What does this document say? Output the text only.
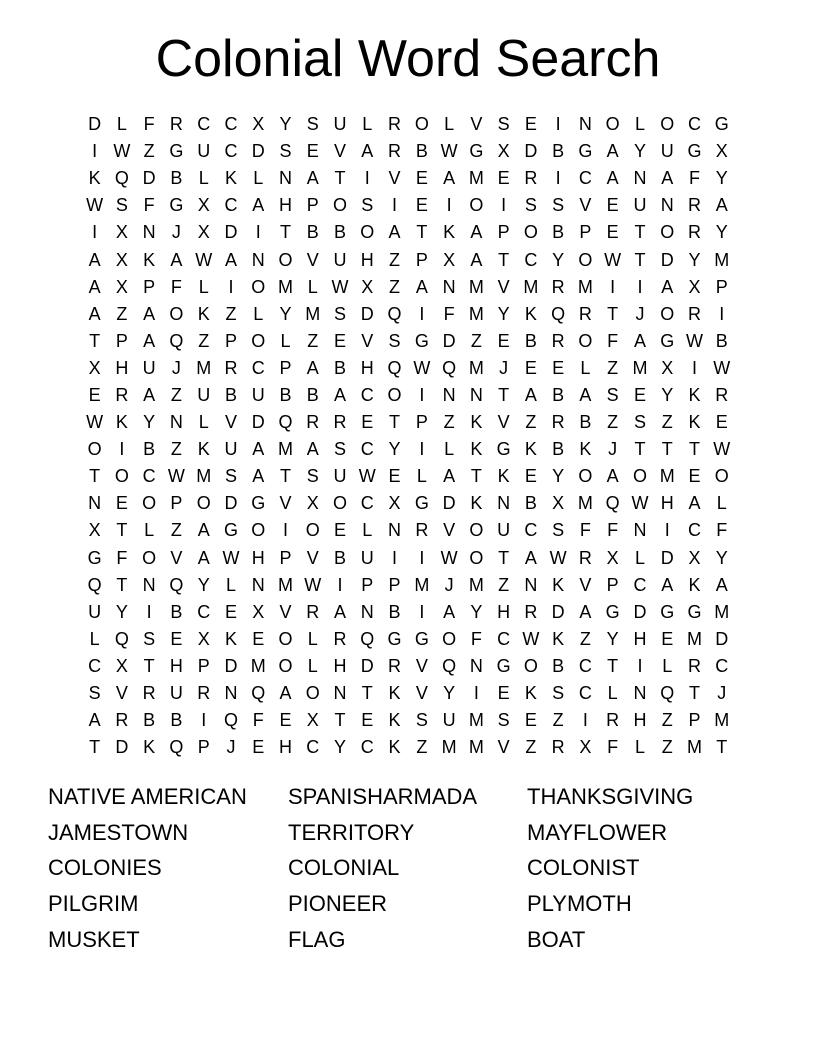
Colonial Word Search
D L F R C C X Y S U L R O L V S E	I	N O L O C G
I W Z G U C D S E V A R B W G X D B G A Y U G X
K Q D B L K L N A T	I	V E A M E R	I	C A N A F Y
W S F G X C A H P O S	I	E	I O I	S S V E U N R A
I	X N J X D	I	T B B O A T K A P O B P E T O R Y
A X K A W A N O V U H Z P X A T C Y O W T D Y M
A X P F L	I O M L W X Z A N M V M R M I	I	A X P
A Z A O K Z L Y M S D Q I	F M Y K Q R T J O R	I
T P A Q Z P O L Z E V S G D Z E B R O F A G W B
X H U J M R C P A B H Q W Q M J E E L Z M X	I W
E R A Z U B U B B A C O I	N N T A B A S E Y K R
W K Y N L V D Q R R E T P Z K V Z R B Z S Z K E
O I	B Z K U A M A S C Y	I	L K G K B K J T T T W
T O C W M S A T S U W E L A T K E Y O A O M E O
N E O P O D G V X O C X G D K N B X M Q W H A L
X T L Z A G O I O E L N R V O U C S F F N	I	C F
G F O V A W H P V B U	I	I W O T A W R X L D X Y
Q T N Q Y L N M W I	P P M J M Z N K V P C A K A
U Y	I	B C E X V R A N B	I	A Y H R D A G D G G M
L Q S E X K E O L R Q G G O F C W K Z Y H E M D
C X T H P D M O L H D R V Q N G O B C T	I	L R C
S V R U R N Q A O N T K V Y	I	E K S C L N Q T J
A R B B	I Q F E X T E K S U M S E Z	I	R H Z P M
T D K Q P J E H C Y C K Z M M V Z R X F L Z M T
NATIVE AMERICAN
JAMESTOWN
COLONIES
PILGRIM
MUSKET
SPANISHARMADA
TERRITORY
COLONIAL
PIONEER
FLAG
THANKSGIVING
MAYFLOWER
COLONIST
PLYMOTH
BOAT
